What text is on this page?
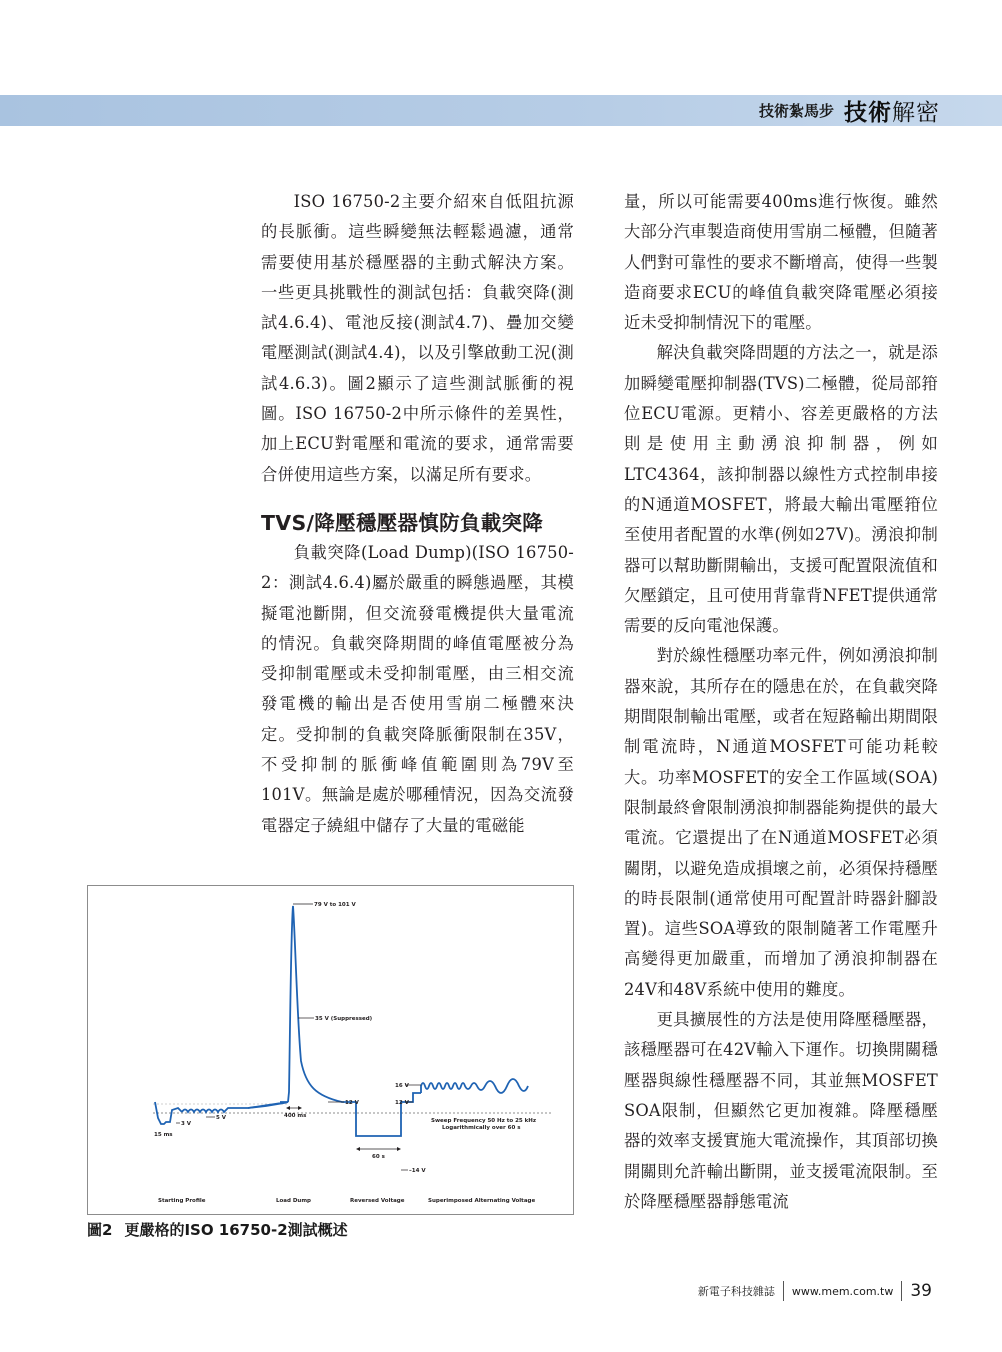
技術紮馬步 技術解密

ISO 16750-2主要介紹來自低阻抗源的長脈衝。這些瞬變無法輕鬆過濾，通常需要使用基於穩壓器的主動式解決方案。一些更具挑戰性的測試包括：負載突降(測試4.6.4)、電池反接(測試4.7)、疊加交變電壓測試(測試4.4)，以及引擎啟動工況(測試4.6.3)。圖2顯示了這些測試脈衝的視圖。ISO 16750-2中所示條件的差異性，加上ECU對電壓和電流的要求，通常需要合併使用這些方案，以滿足所有要求。

TVS/降壓穩壓器慎防負載突降

負載突降(Load Dump)(ISO 16750-2：測試4.6.4)屬於嚴重的瞬態過壓，其模擬電池斷開，但交流發電機提供大量電流的情況。負載突降期間的峰值電壓被分為受抑制電壓或未受抑制電壓，由三相交流發電機的輸出是否使用雪崩二極體來決定。受抑制的負載突降脈衝限制在35V，不受抑制的脈衝峰值範圍則為79V至101V。無論是處於哪種情況，因為交流發電器定子繞組中儲存了大量的電磁能

量，所以可能需要400ms進行恢復。雖然大部分汽車製造商使用雪崩二極體，但隨著人們對可靠性的要求不斷增高，使得一些製造商要求ECU的峰值負載突降電壓必須接近未受抑制情況下的電壓。

解決負載突降問題的方法之一，就是添加瞬變電壓抑制器(TVS)二極體，從局部箝位ECU電源。更精小、容差更嚴格的方法則是使用主動湧浪抑制器，例如LTC4364，該抑制器以線性方式控制串接的N通道MOSFET，將最大輸出電壓箝位至使用者配置的水準(例如27V)。湧浪抑制器可以幫助斷開輸出，支援可配置限流值和欠壓鎖定，且可使用背靠背NFET提供通常需要的反向電池保護。

對於線性穩壓功率元件，例如湧浪抑制器來說，其所存在的隱患在於，在負載突降期間限制輸出電壓，或者在短路輸出期間限制電流時，N通道MOSFET可能功耗較大。功率MOSFET的安全工作區域(SOA)限制最終會限制湧浪抑制器能夠提供的最大電流。它還提出了在N通道MOSFET必須關閉，以避免造成損壞之前，必須保持穩壓的時長限制(通常使用可配置計時器針腳設置)。這些SOA導致的限制隨著工作電壓升高變得更加嚴重，而增加了湧浪抑制器在24V和48V系統中使用的難度。

更具擴展性的方法是使用降壓穩壓器，該穩壓器可在42V輸入下運作。切換開關穩壓器與線性穩壓器不同，其並無MOSFET SOA限制，但顯然它更加複雜。降壓穩壓器的效率支援實施大電流操作，其頂部切換開關則允許輸出斷開，並支援電流限制。至於降壓穩壓器靜態電流

79 V to 101 V
35 V (Suppressed)
12 V
16 V
12 V
5 V
3 V
15 ms
400 ms
60 s
–14 V
Sweep Frequency 50 Hz to 25 kHz
Logarithmically over 60 s
Starting Profile	Load Dump	Reversed Voltage	Superimposed Alternating Voltage
圖2 更嚴格的ISO 16750-2測試概述
新電子科技雜誌 www.mem.com.tw 39
